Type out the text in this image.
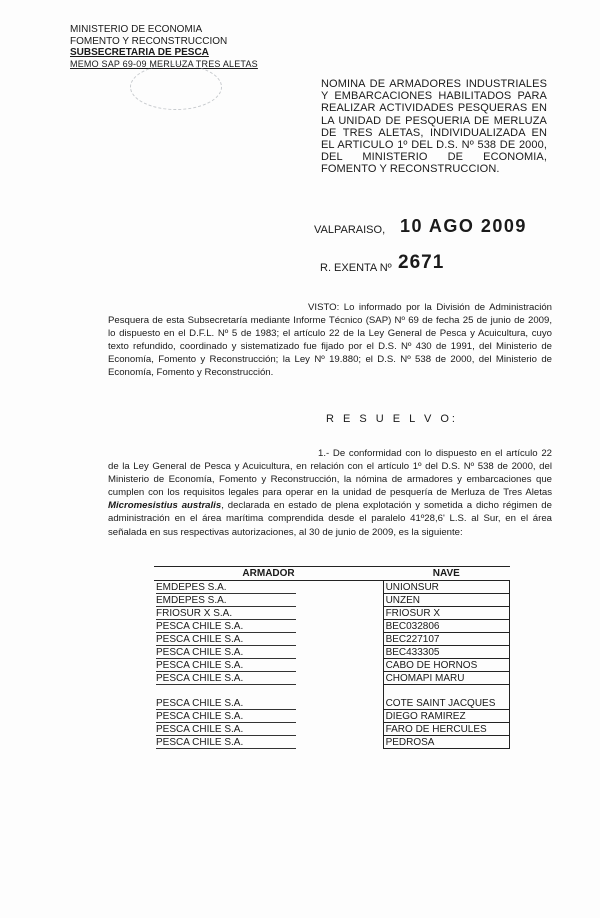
MINISTERIO DE ECONOMIA
FOMENTO Y RECONSTRUCCION
SUBSECRETARIA DE PESCA
MEMO SAP 69-09 MERLUZA TRES ALETAS
NOMINA DE ARMADORES INDUSTRIALES Y EMBARCACIONES HABILITADOS PARA REALIZAR ACTIVIDADES PESQUERAS EN LA UNIDAD DE PESQUERIA DE MERLUZA DE TRES ALETAS, INDIVIDUALIZADA EN EL ARTICULO 1º DEL D.S. Nº 538 DE 2000, DEL MINISTERIO DE ECONOMIA, FOMENTO Y RECONSTRUCCION.
VALPARAISO, 10 AGO 2009
R. EXENTA Nº 2671
VISTO: Lo informado por la División de Administración Pesquera de esta Subsecretaría mediante Informe Técnico (SAP) Nº 69 de fecha 25 de junio de 2009, lo dispuesto en el D.F.L. Nº 5 de 1983; el artículo 22 de la Ley General de Pesca y Acuicultura, cuyo texto refundido, coordinado y sistematizado fue fijado por el D.S. Nº 430 de 1991, del Ministerio de Economía, Fomento y Reconstrucción; la Ley Nº 19.880; el D.S. Nº 538 de 2000, del Ministerio de Economía, Fomento y Reconstrucción.
R E S U E L V O:
1.- De conformidad con lo dispuesto en el artículo 22 de la Ley General de Pesca y Acuicultura, en relación con el artículo 1º del D.S. Nº 538 de 2000, del Ministerio de Economía, Fomento y Reconstrucción, la nómina de armadores y embarcaciones que cumplen con los requisitos legales para operar en la unidad de pesquería de Merluza de Tres Aletas Micromesistius australis, declarada en estado de plena explotación y sometida a dicho régimen de administración en el área marítima comprendida desde el paralelo 41º28,6' L.S. al Sur, en el área señalada en sus respectivas autorizaciones, al 30 de junio de 2009, es la siguiente:
ARMADOR	NAVE
EMDEPES S.A.	UNIONSUR
EMDEPES S.A.	UNZEN
FRIOSUR X S.A.	FRIOSUR X
PESCA CHILE S.A.	BEC032806
PESCA CHILE S.A.	BEC227107
PESCA CHILE S.A.	BEC433305
PESCA CHILE S.A.	CABO DE HORNOS
PESCA CHILE S.A.	CHOMAPI MARU
PESCA CHILE S.A.	COTE SAINT JACQUES
PESCA CHILE S.A.	DIEGO RAMIREZ
PESCA CHILE S.A.	FARO DE HERCULES
PESCA CHILE S.A.	PEDROSA
